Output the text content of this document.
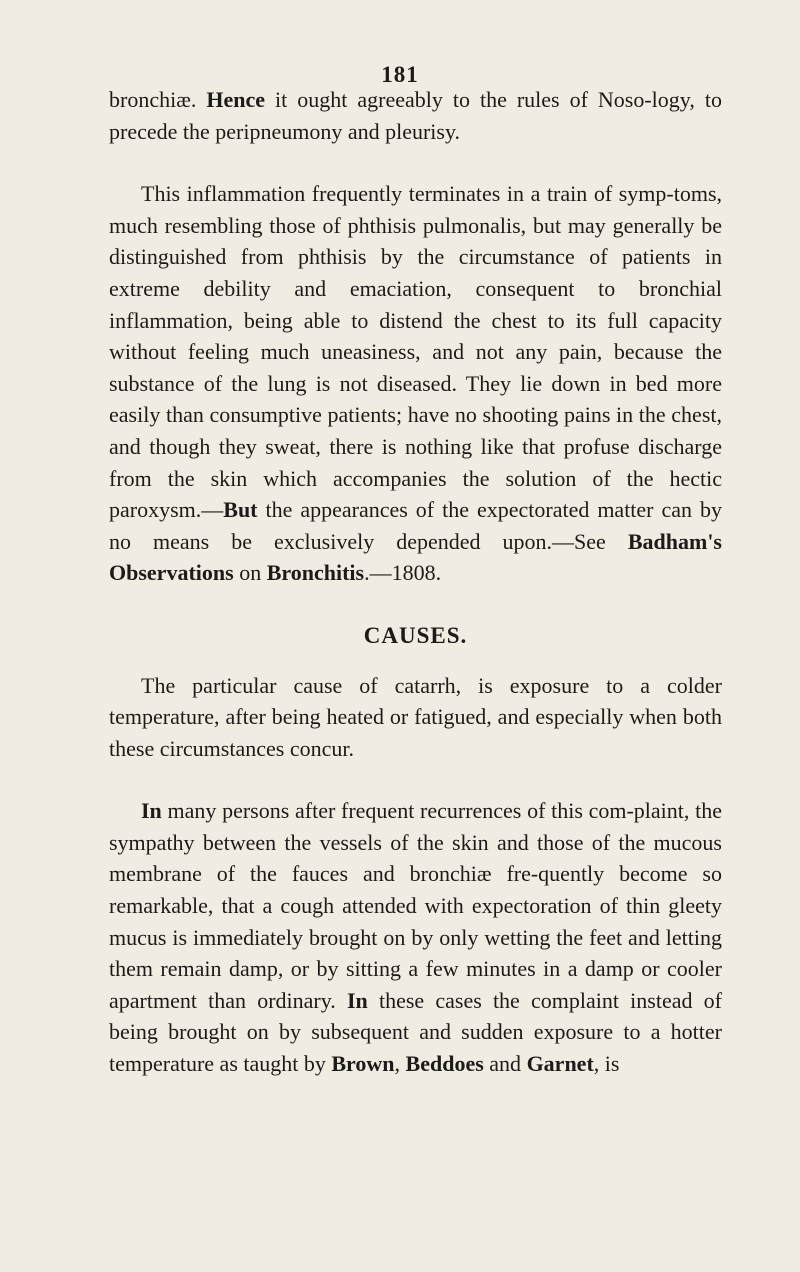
181

bronchiæ. Hence it ought agreeably to the rules of Noso-logy, to precede the peripneumony and pleurisy.

This inflammation frequently terminates in a train of symp-toms, much resembling those of phthisis pulmonalis, but may generally be distinguished from phthisis by the circumstance of patients in extreme debility and emaciation, consequent to bronchial inflammation, being able to distend the chest to its full capacity without feeling much uneasiness, and not any pain, because the substance of the lung is not diseased. They lie down in bed more easily than consumptive patients; have no shooting pains in the chest, and though they sweat, there is nothing like that profuse discharge from the skin which accompanies the solution of the hectic paroxysm.—But the appearances of the expectorated matter can by no means be exclusively depended upon.—See Badham's Observations on Bronchitis.—1808.

CAUSES.

The particular cause of catarrh, is exposure to a colder temperature, after being heated or fatigued, and especially when both these circumstances concur.

In many persons after frequent recurrences of this com-plaint, the sympathy between the vessels of the skin and those of the mucous membrane of the fauces and bronchiæ fre-quently become so remarkable, that a cough attended with expectoration of thin gleety mucus is immediately brought on by only wetting the feet and letting them remain damp, or by sitting a few minutes in a damp or cooler apartment than ordinary. In these cases the complaint instead of being brought on by subsequent and sudden exposure to a hotter temperature as taught by Brown, Beddoes and Garnet, is
